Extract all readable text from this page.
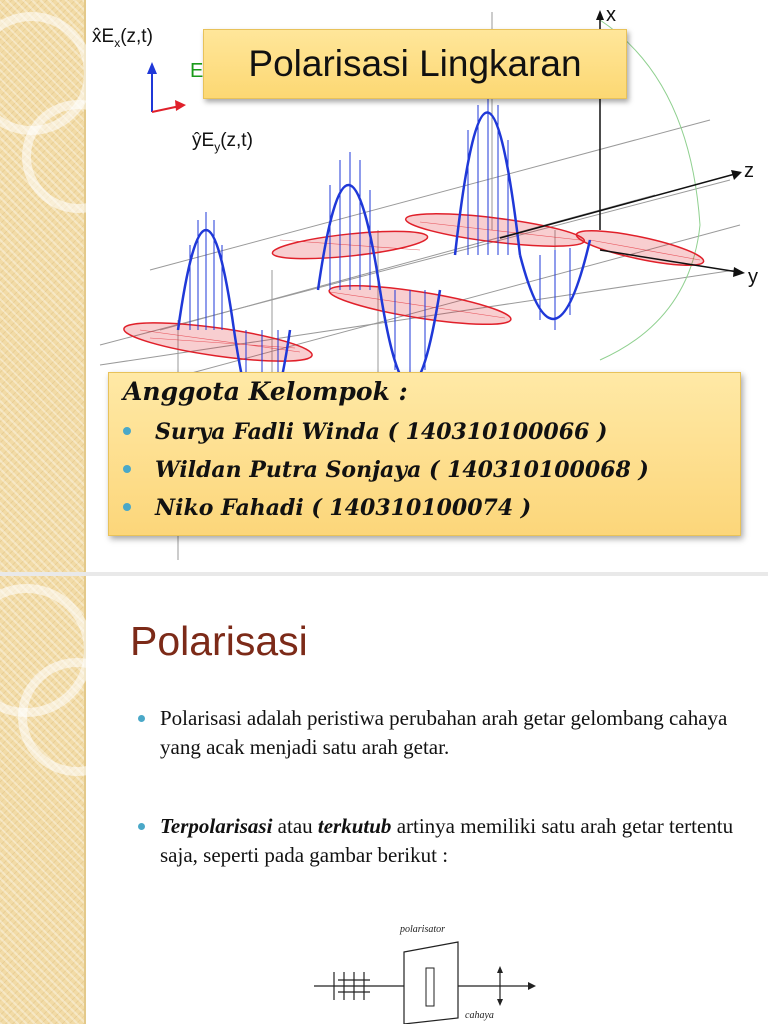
x
z
y
$x̂E_x(z,t)$
$ŷE_y(z,t)$
E Polarisasi Lingkaran
Anggota Kelompok :
Surya Fadli Winda ( 140310100066 )
Wildan Putra Sonjaya ( 140310100068 )
Niko Fahadi ( 140310100074 )
Polarisasi
Polarisasi adalah peristiwa perubahan arah getar gelombang cahaya yang acak menjadi satu arah getar.
Terpolarisasi atau terkutub artinya memiliki satu arah getar tertentu saja, seperti pada gambar berikut :
polarisator
cahaya
